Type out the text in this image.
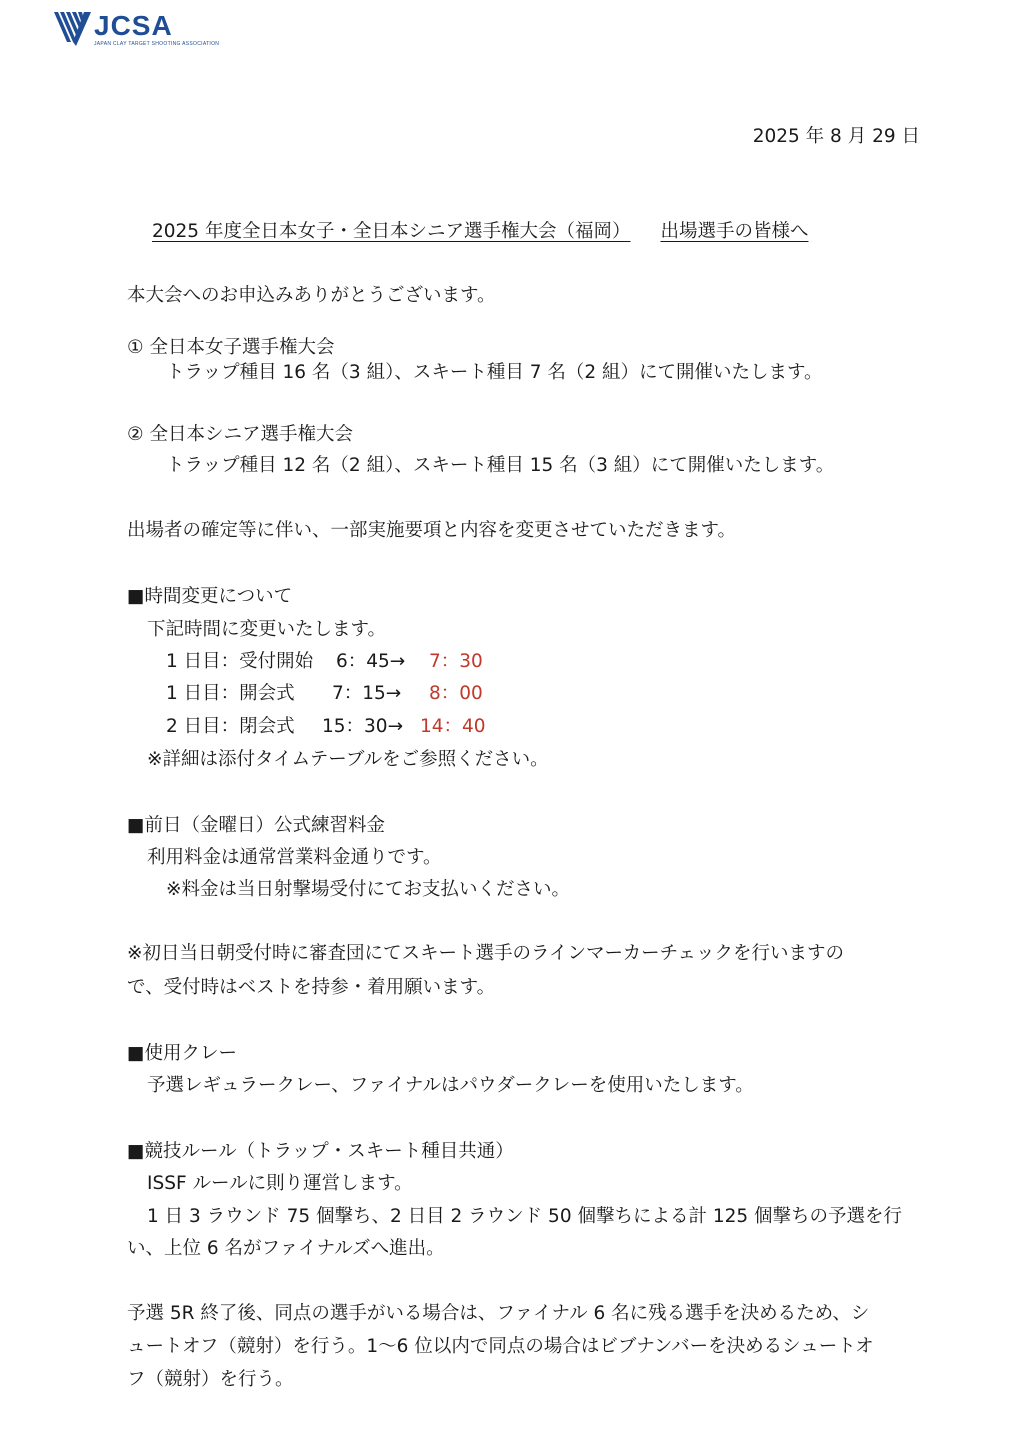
JCSA
JAPAN CLAY TARGET SHOOTING ASSOCIATION
2025 年 8 月 29 日
2025 年度全日本女子・全日本シニア選手権大会（福岡） 出場選手の皆様へ
本大会へのお申込みありがとうございます。
① 全日本女子選手権大会
トラップ種目 16 名（3 組）、スキート種目 7 名（2 組）にて開催いたします。
② 全日本シニア選手権大会
トラップ種目 12 名（2 組）、スキート種目 15 名（3 組）にて開催いたします。
出場者の確定等に伴い、一部実施要項と内容を変更させていただきます。
■時間変更について
下記時間に変更いたします。
1 日目：受付開始 6：45→ 7：30
1 日目：開会式 7：15→ 8：00
2 日目：閉会式 15：30→ 14：40
※詳細は添付タイムテーブルをご参照ください。
■前日（金曜日）公式練習料金
利用料金は通常営業料金通りです。
※料金は当日射撃場受付にてお支払いください。
※初日当日朝受付時に審査団にてスキート選手のラインマーカーチェックを行いますの
で、受付時はベストを持参・着用願います。
■使用クレー
予選レギュラークレー、ファイナルはパウダークレーを使用いたします。
■競技ルール（トラップ・スキート種目共通）
ISSF ルールに則り運営します。
1 日 3 ラウンド 75 個撃ち、2 日目 2 ラウンド 50 個撃ちによる計 125 個撃ちの予選を行
い、上位 6 名がファイナルズへ進出。
予選 5R 終了後、同点の選手がいる場合は、ファイナル 6 名に残る選手を決めるため、シ
ュートオフ（競射）を行う。1～6 位以内で同点の場合はビブナンバーを決めるシュートオ
フ（競射）を行う。
